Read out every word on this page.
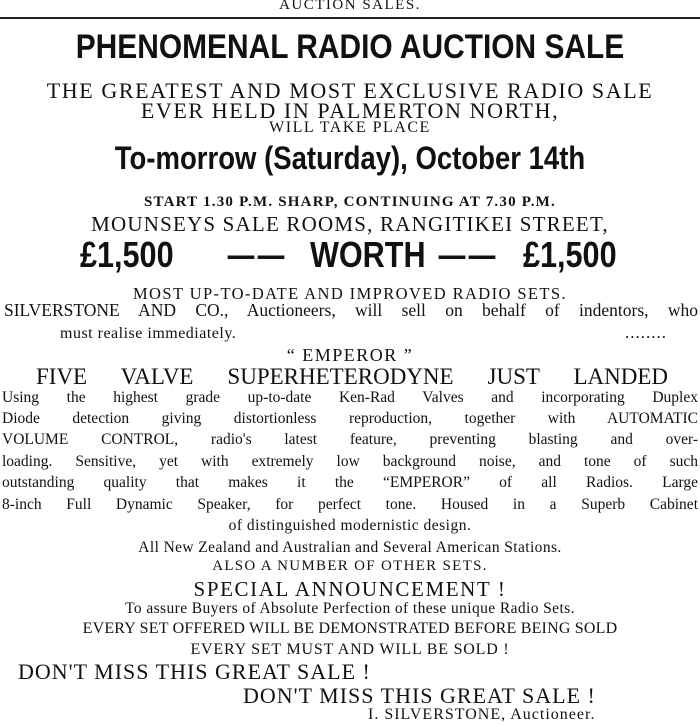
AUCTION SALES.
PHENOMENAL RADIO AUCTION SALE
THE GREATEST AND MOST EXCLUSIVE RADIO SALE
EVER HELD IN PALMERTON NORTH,
WILL TAKE PLACE
To-morrow (Saturday), October 14th
START 1.30 P.M. SHARP, CONTINUING AT 7.30 P.M.
MOUNSEYS SALE ROOMS, RANGITIKEI STREET,
£1,500 —— WORTH —— £1,500
MOST UP-TO-DATE AND IMPROVED RADIO SETS.
SILVERSTONE AND CO., Auctioneers, will sell on behalf of indentors, who
must realise immediately.	........
“ EMPEROR ”
FIVE VALVE SUPERHETERODYNE JUST LANDED
Using the highest grade up-to-date Ken-Rad Valves and incorporating Duplex
Diode detection giving distortionless reproduction, together with AUTOMATIC
VOLUME CONTROL, radio's latest feature, preventing blasting and over-
loading. Sensitive, yet with extremely low background noise, and tone of such
outstanding quality that makes it the “EMPEROR” of all Radios. Large
8-inch Full Dynamic Speaker, for perfect tone. Housed in a Superb Cabinet
of distinguished modernistic design.
All New Zealand and Australian and Several American Stations.
ALSO A NUMBER OF OTHER SETS.
SPECIAL ANNOUNCEMENT !
To assure Buyers of Absolute Perfection of these unique Radio Sets.
EVERY SET OFFERED WILL BE DEMONSTRATED BEFORE BEING SOLD
EVERY SET MUST AND WILL BE SOLD !
DON'T MISS THIS GREAT SALE !
DON'T MISS THIS GREAT SALE !
I. SILVERSTONE, Auctioneer.
